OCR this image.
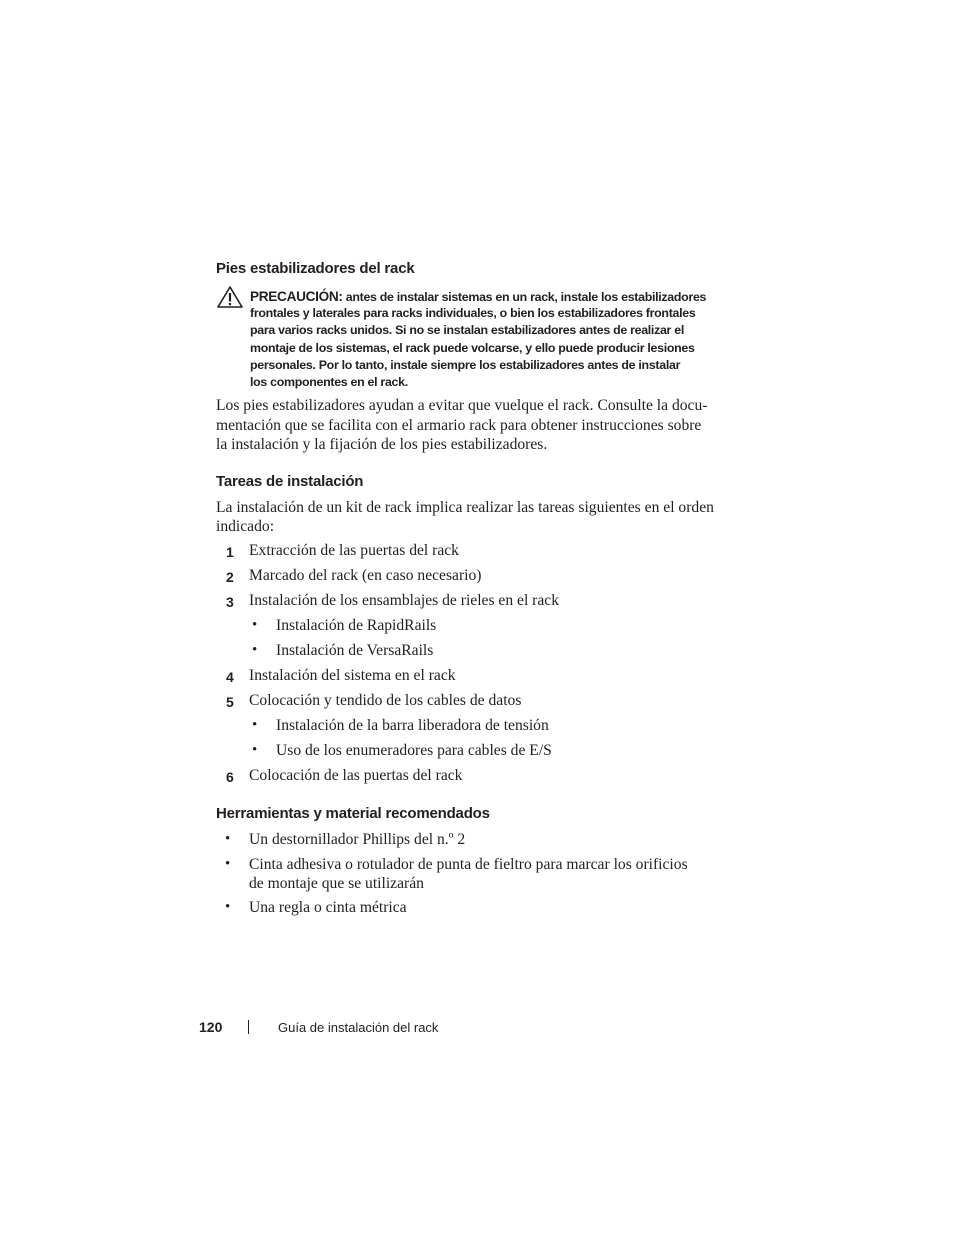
Pies estabilizadores del rack
PRECAUCIÓN: antes de instalar sistemas en un rack, instale los estabilizadores
frontales y laterales para racks individuales, o bien los estabilizadores frontales
para varios racks unidos. Si no se instalan estabilizadores antes de realizar el
montaje de los sistemas, el rack puede volcarse, y ello puede producir lesiones
personales. Por lo tanto, instale siempre los estabilizadores antes de instalar
los componentes en el rack.
Los pies estabilizadores ayudan a evitar que vuelque el rack. Consulte la docu-
mentación que se facilita con el armario rack para obtener instrucciones sobre
la instalación y la fijación de los pies estabilizadores.
Tareas de instalación
La instalación de un kit de rack implica realizar las tareas siguientes en el orden
indicado:
1 Extracción de las puertas del rack
2 Marcado del rack (en caso necesario)
3 Instalación de los ensamblajes de rieles en el rack
• Instalación de RapidRails
• Instalación de VersaRails
4 Instalación del sistema en el rack
5 Colocación y tendido de los cables de datos
• Instalación de la barra liberadora de tensión
• Uso de los enumeradores para cables de E/S
6 Colocación de las puertas del rack
Herramientas y material recomendados
• Un destornillador Phillips del n.º 2
• Cinta adhesiva o rotulador de punta de fieltro para marcar los orificios
de montaje que se utilizarán
• Una regla o cinta métrica
120	Guía de instalación del rack
